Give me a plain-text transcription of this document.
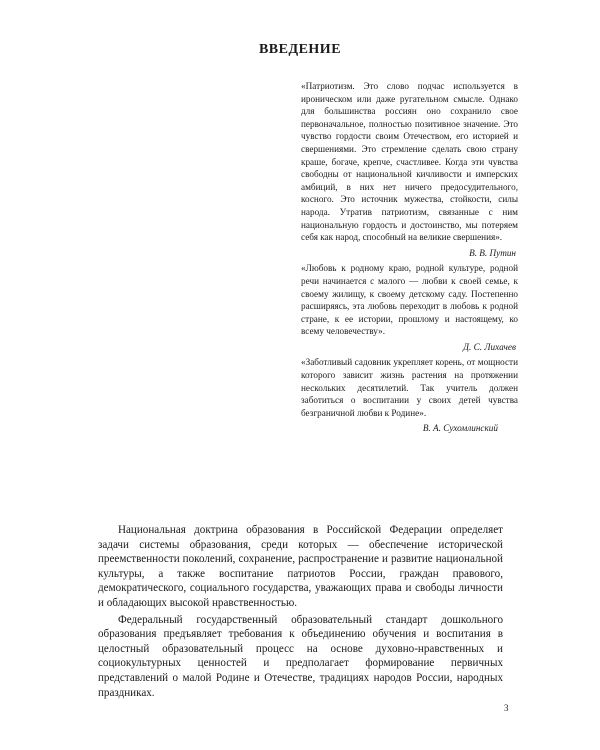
ВВЕДЕНИЕ

«Патриотизм. Это слово подчас используется в ироническом или даже ругательном смысле. Однако для большинства россиян оно сохранило свое первоначальное, полностью позитивное значение. Это чувство гордости своим Отечеством, его историей и свершениями. Это стремление сделать свою страну краше, богаче, крепче, счастливее. Когда эти чувства свободны от национальной кичливости и имперских амбиций, в них нет ничего предосудительного, косного. Это источник мужества, стойкости, силы народа. Утратив патриотизм, связанные с ним национальную гордость и достоинство, мы потеряем себя как народ, способный на великие свершения».

В. В. Путин

«Любовь к родному краю, родной культуре, родной речи начинается с малого — любви к своей семье, к своему жилищу, к своему детскому саду. Постепенно расширяясь, эта любовь переходит в любовь к родной стране, к ее истории, прошлому и настоящему, ко всему человечеству».

Д. С. Лихачев

«Заботливый садовник укрепляет корень, от мощности которого зависит жизнь растения на протяжении нескольких десятилетий. Так учитель должен заботиться о воспитании у своих детей чувства безграничной любви к Родине».

В. А. Сухомлинский

Национальная доктрина образования в Российской Федерации определяет задачи системы образования, среди которых — обеспечение исторической преемственности поколений, сохранение, распространение и развитие национальной культуры, а также воспитание патриотов России, граждан правового, демократического, социального государства, уважающих права и свободы личности и обладающих высокой нравственностью.

Федеральный государственный образовательный стандарт дошкольного образования предъявляет требования к объединению обучения и воспитания в целостный образовательный процесс на основе духовно-нравственных и социокультурных ценностей и предполагает формирование первичных представлений о малой Родине и Отечестве, традициях народов России, народных праздниках.

3
